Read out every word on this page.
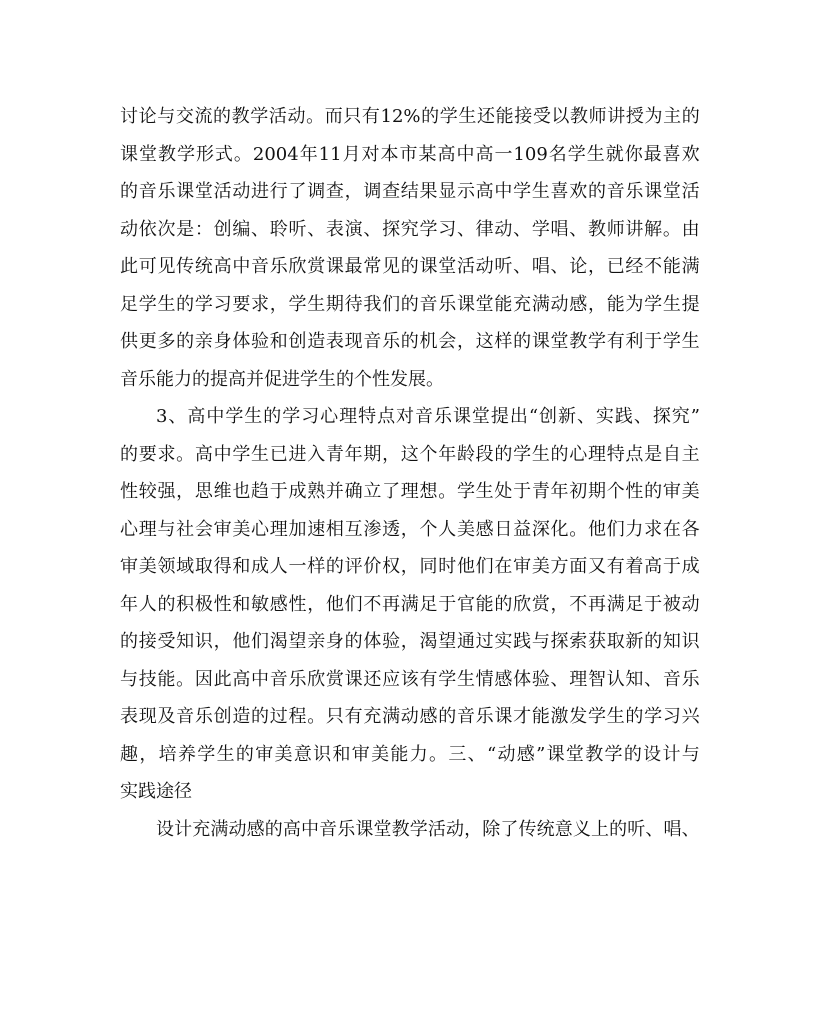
讨 论 与 交 流 的 教 学 活 动 。 而 只 有 12% 的 学 生 还 能 接 受 以 教 师 讲 授 为 主 的
课 堂 教 学 形 式 。 2004 年 11 月 对 本 市 某 高 中 高 一 109 名 学 生 就 你 最 喜 欢
的 音 乐 课 堂 活 动 进 行 了 调 查 ， 调 查 结 果 显 示 高 中 学 生 喜 欢 的 音 乐 课 堂 活
动 依 次 是 ： 创 编 、 聆 听 、 表 演 、 探 究 学 习 、 律 动 、 学 唱 、 教 师 讲 解 。 由
此 可 见 传 统 高 中 音 乐 欣 赏 课 最 常 见 的 课 堂 活 动 听 、 唱 、 论 ， 已 经 不 能 满
足 学 生 的 学 习 要 求 ， 学 生 期 待 我 们 的 音 乐 课 堂 能 充 满 动 感 ， 能 为 学 生 提
供 更 多 的 亲 身 体 验 和 创 造 表 现 音 乐 的 机 会 ， 这 样 的 课 堂 教 学 有 利 于 学 生
音乐能力的提高并促进学生的个性发展。
3 、 高 中 学 生 的 学 习 心 理 特 点 对 音 乐 课 堂 提 出 “ 创 新 、 实 践 、 探 究 ”
的 要 求 。 高 中 学 生 已 进 入 青 年 期 ， 这 个 年 龄 段 的 学 生 的 心 理 特 点 是 自 主
性 较 强 ， 思 维 也 趋 于 成 熟 并 确 立 了 理 想 。 学 生 处 于 青 年 初 期 个 性 的 审 美
心 理 与 社 会 审 美 心 理 加 速 相 互 渗 透 ， 个 人 美 感 日 益 深 化 。 他 们 力 求 在 各
审 美 领 域 取 得 和 成 人 一 样 的 评 价 权 ， 同 时 他 们 在 审 美 方 面 又 有 着 高 于 成
年 人 的 积 极 性 和 敏 感 性 ， 他 们 不 再 满 足 于 官 能 的 欣 赏 ， 不 再 满 足 于 被 动
的 接 受 知 识 ， 他 们 渴 望 亲 身 的 体 验 ， 渴 望 通 过 实 践 与 探 索 获 取 新 的 知 识
与 技 能 。 因 此 高 中 音 乐 欣 赏 课 还 应 该 有 学 生 情 感 体 验 、 理 智 认 知 、 音 乐
表 现 及 音 乐 创 造 的 过 程 。 只 有 充 满 动 感 的 音 乐 课 才 能 激 发 学 生 的 学 习 兴
趣 ， 培 养 学 生 的 审 美 意 识 和 审 美 能 力 。 三 、 “ 动 感 ” 课 堂 教 学 的 设 计 与
实践途径
设 计 充 满 动 感 的 高 中 音 乐 课 堂 教 学 活 动 ， 除 了 传 统 意 义 上 的 听 、 唱 、
